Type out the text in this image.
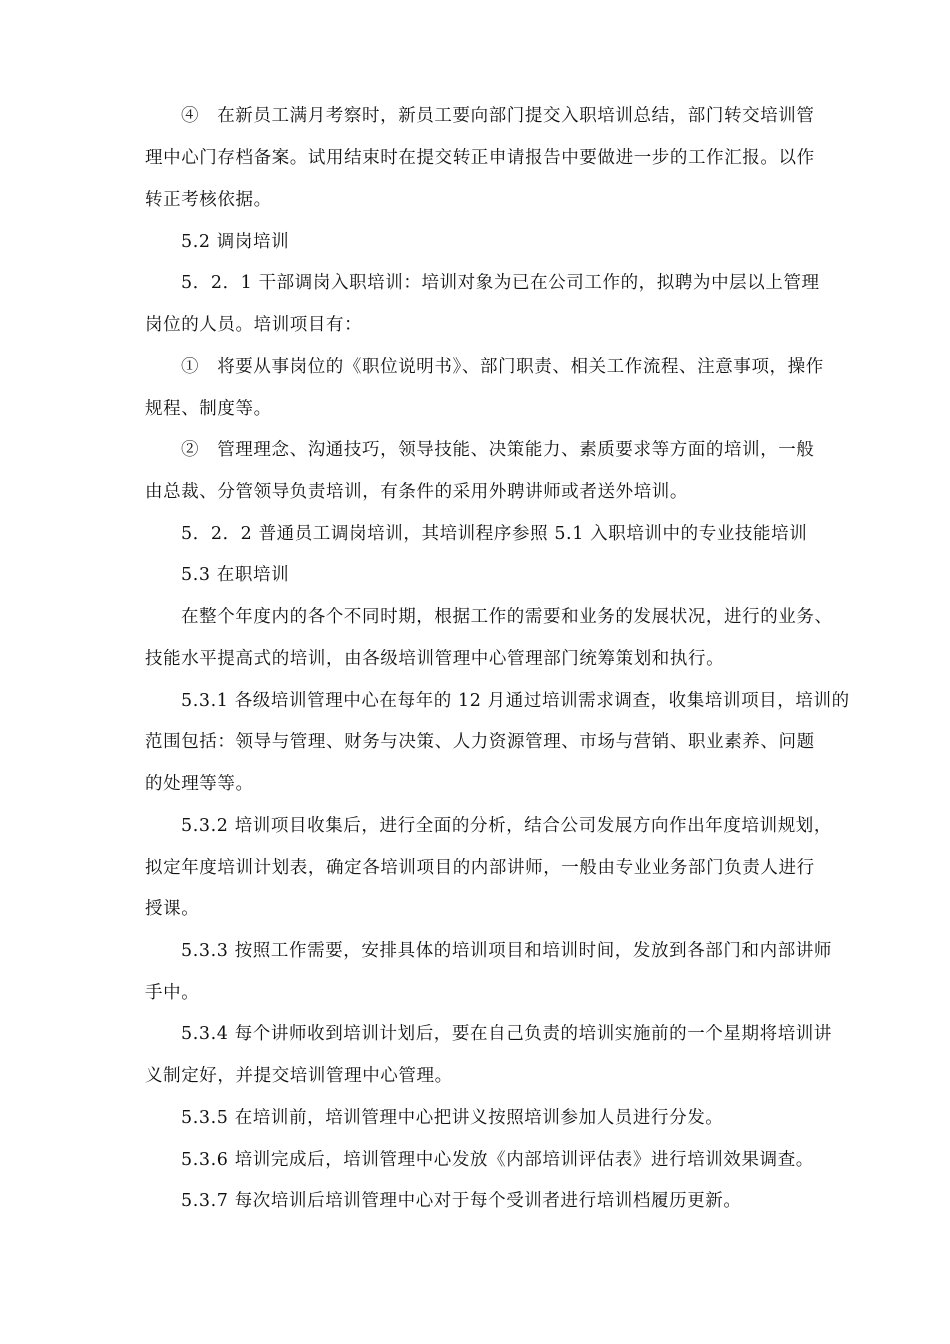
④　在新员工满月考察时，新员工要向部门提交入职培训总结，部门转交培训管
理中心门存档备案。试用结束时在提交转正申请报告中要做进一步的工作汇报。以作
转正考核依据。
5.2 调岗培训
5．2．1 干部调岗入职培训：培训对象为已在公司工作的，拟聘为中层以上管理
岗位的人员。培训项目有：
①　将要从事岗位的《职位说明书》、部门职责、相关工作流程、注意事项，操作
规程、制度等。
②　管理理念、沟通技巧，领导技能、决策能力、素质要求等方面的培训，一般
由总裁、分管领导负责培训，有条件的采用外聘讲师或者送外培训。
5．2．2 普通员工调岗培训，其培训程序参照 5.1 入职培训中的专业技能培训
5.3 在职培训
在整个年度内的各个不同时期，根据工作的需要和业务的发展状况，进行的业务、
技能水平提高式的培训，由各级培训管理中心管理部门统筹策划和执行。
5.3.1 各级培训管理中心在每年的 12 月通过培训需求调查，收集培训项目，培训的
范围包括：领导与管理、财务与决策、人力资源管理、市场与营销、职业素养、问题
的处理等等。
5.3.2 培训项目收集后，进行全面的分析，结合公司发展方向作出年度培训规划，
拟定年度培训计划表，确定各培训项目的内部讲师，一般由专业业务部门负责人进行
授课。
5.3.3 按照工作需要，安排具体的培训项目和培训时间，发放到各部门和内部讲师
手中。
5.3.4 每个讲师收到培训计划后，要在自己负责的培训实施前的一个星期将培训讲
义制定好，并提交培训管理中心管理。
5.3.5 在培训前，培训管理中心把讲义按照培训参加人员进行分发。
5.3.6 培训完成后，培训管理中心发放《内部培训评估表》进行培训效果调查。
5.3.7 每次培训后培训管理中心对于每个受训者进行培训档履历更新。
